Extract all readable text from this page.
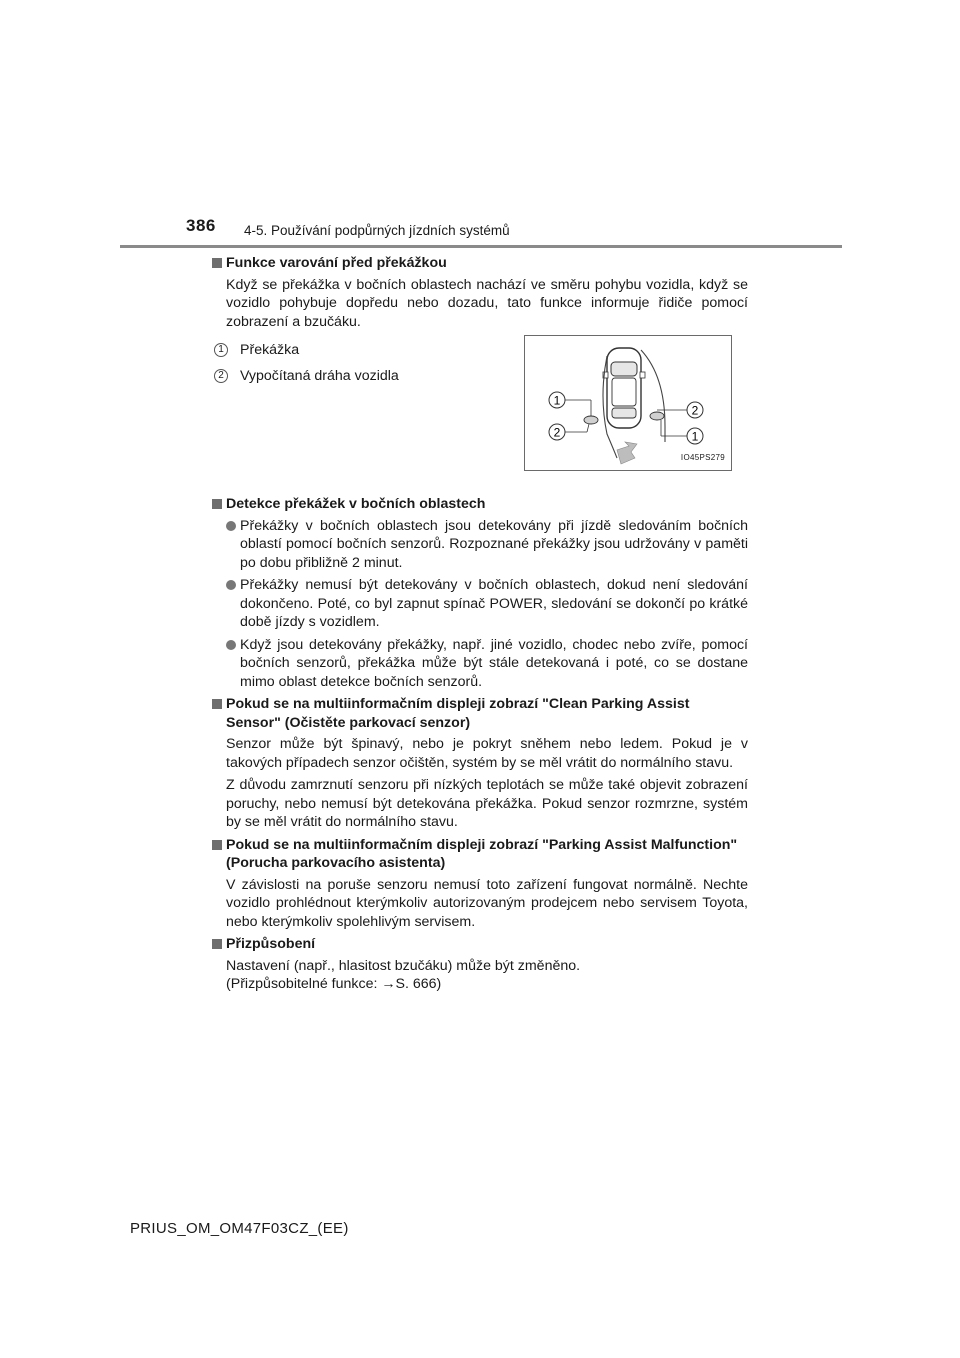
386 4-5. Používání podpůrných jízdních systémů
Funkce varování před překážkou
Když se překážka v bočních oblastech nachází ve směru pohybu vozidla, když se vozidlo pohybuje dopředu nebo dozadu, tato funkce informuje řidiče pomocí zobrazení a bzučáku.
1 Překážka
2 Vypočítaná dráha vozidla
1
2
2
1
IO45PS279
Detekce překážek v bočních oblastech
Překážky v bočních oblastech jsou detekovány při jízdě sledováním bočních oblastí pomocí bočních senzorů. Rozpoznané překážky jsou udržovány v paměti po dobu přibližně 2 minut.
Překážky nemusí být detekovány v bočních oblastech, dokud není sledování dokončeno. Poté, co byl zapnut spínač POWER, sledování se dokončí po krátké době jízdy s vozidlem.
Když jsou detekovány překážky, např. jiné vozidlo, chodec nebo zvíře, pomocí bočních senzorů, překážka může být stále detekovaná i poté, co se dostane mimo oblast detekce bočních senzorů.
Pokud se na multiinformačním displeji zobrazí "Clean Parking Assist Sensor" (Očistěte parkovací senzor)
Senzor může být špinavý, nebo je pokryt sněhem nebo ledem. Pokud je v takových případech senzor očištěn, systém by se měl vrátit do normálního stavu.
Z důvodu zamrznutí senzoru při nízkých teplotách se může také objevit zobrazení poruchy, nebo nemusí být detekována překážka. Pokud senzor rozmrzne, systém by se měl vrátit do normálního stavu.
Pokud se na multiinformačním displeji zobrazí "Parking Assist Malfunction" (Porucha parkovacího asistenta)
V závislosti na poruše senzoru nemusí toto zařízení fungovat normálně. Nechte vozidlo prohlédnout kterýmkoliv autorizovaným prodejcem nebo servisem Toyota, nebo kterýmkoliv spolehlivým servisem.
Přizpůsobení
Nastavení (např., hlasitost bzučáku) může být změněno.
(Přizpůsobitelné funkce: →S. 666)
PRIUS_OM_OM47F03CZ_(EE)
